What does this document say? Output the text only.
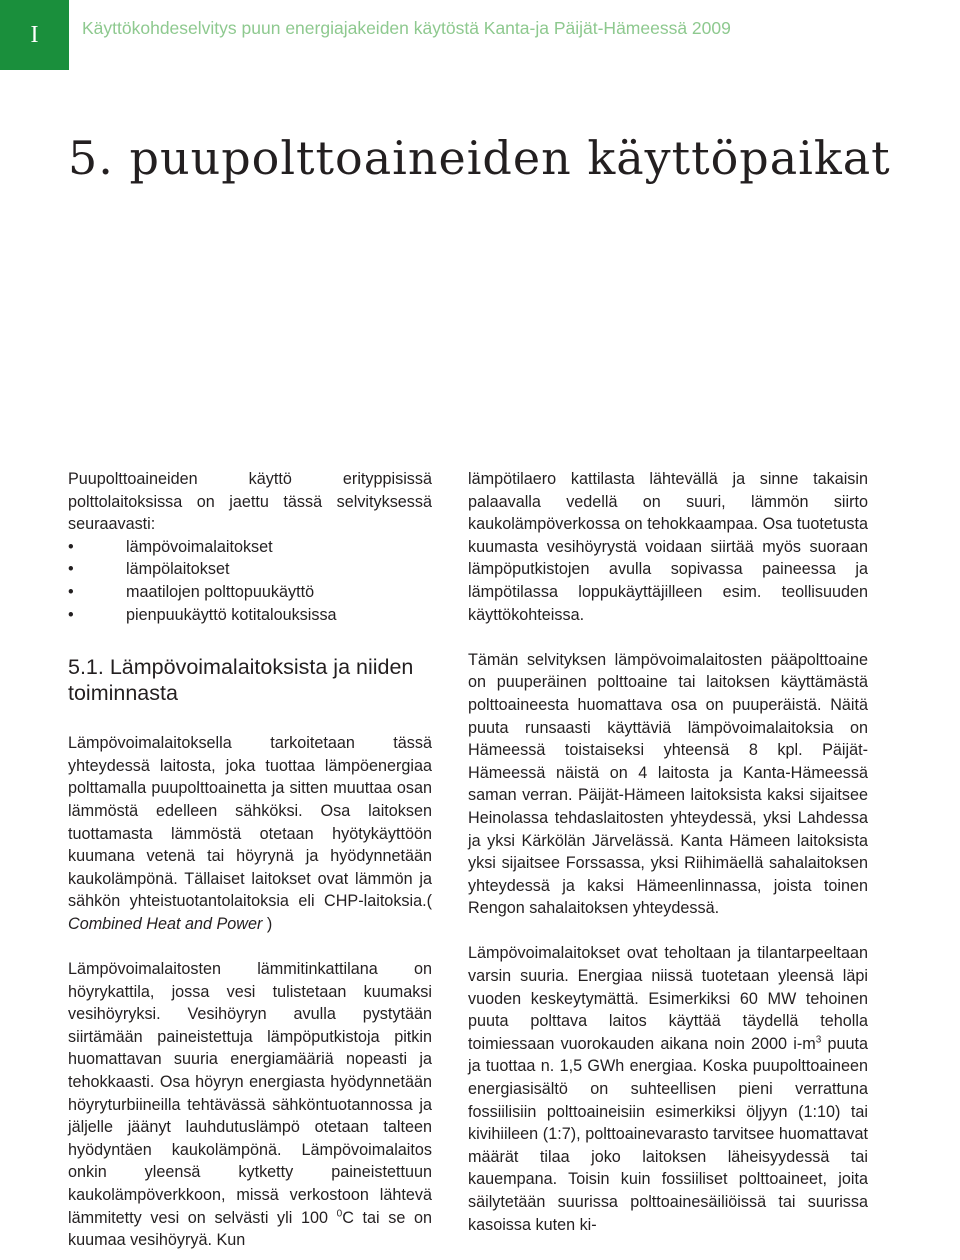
I	Käyttökohdeselvitys puun energiajakeiden käytöstä Kanta-ja Päijät-Hämeessä 2009
5. puupolttoaineiden käyttöpaikat

Puupolttoaineiden käyttö erityppisissä polttolaitoksissa on jaettu tässä selvityksessä seuraavasti:

• lämpövoimalaitokset
• lämpölaitokset
• maatilojen polttopuukäyttö
• pienpuukäyttö kotitalouksissa
5.1. Lämpövoimalaitoksista ja niiden toiminnasta

Lämpövoimalaitoksella tarkoitetaan tässä yhteydessä laitosta, joka tuottaa lämpöenergiaa polttamalla puupolttoainetta ja sitten muuttaa osan lämmöstä edelleen sähköksi. Osa laitoksen tuottamasta lämmöstä otetaan hyötykäyttöön kuumana vetenä tai höyrynä ja hyödynnetään kaukolämpönä. Tällaiset laitokset ovat lämmön ja sähkön yhteistuotantolaitoksia eli CHP-laitoksia.( Combined Heat and Power )

Lämpövoimalaitosten lämmitinkattilana on höyrykattila, jossa vesi tulistetaan kuumaksi vesihöyryksi. Vesihöyryn avulla pystytään siirtämään paineistettuja lämpöputkistoja pitkin huomattavan suuria energiamääriä nopeasti ja tehokkaasti. Osa höyryn energiasta hyödynnetään höyryturbiineilla tehtävässä sähköntuotannossa ja jäljelle jäänyt lauhdutuslämpö otetaan talteen hyödyntäen kaukolämpönä. Lämpövoimalaitos onkin yleensä kytketty paineistettuun kaukolämpöverkkoon, missä verkostoon lähtevä lämmitetty vesi on selvästi yli 100 $^0$C tai se on kuumaa vesihöyryä. Kun

lämpötilaero kattilasta lähtevällä ja sinne takaisin palaavalla vedellä on suuri, lämmön siirto kaukolämpöverkossa on tehokkaampaa. Osa tuotetusta kuumasta vesihöyrystä voidaan siirtää myös suoraan lämpöputkistojen avulla sopivassa paineessa ja lämpötilassa loppukäyttäjilleen esim. teollisuuden käyttökohteissa.

Tämän selvityksen lämpövoimalaitosten pääpolttoaine on puuperäinen polttoaine tai laitoksen käyttämästä polttoaineesta huomattava osa on puuperäistä. Näitä puuta runsaasti käyttäviä lämpövoimalaitoksia on Hämeessä toistaiseksi yhteensä 8 kpl. Päijät-Hämeessä näistä on 4 laitosta ja Kanta-Hämeessä saman verran. Päijät-Hämeen laitoksista kaksi sijaitsee Heinolassa tehdaslaitosten yhteydessä, yksi Lahdessa ja yksi Kärkölän Järvelässä. Kanta Hämeen laitoksista yksi sijaitsee Forssassa, yksi Riihimäellä sahalaitoksen yhteydessä ja kaksi Hämeenlinnassa, joista toinen Rengon sahalaitoksen yhteydessä.

Lämpövoimalaitokset ovat teholtaan ja tilantarpeeltaan varsin suuria. Energiaa niissä tuotetaan yleensä läpi vuoden keskeytymättä. Esimerkiksi 60 MW tehoinen puuta polttava laitos käyttää täydellä teholla toimiessaan vuorokauden aikana noin 2000 $i-m^3$ puuta ja tuottaa n. 1,5 GWh energiaa. Koska puupolttoaineen energiasisältö on suhteellisen pieni verrattuna fossiilisiin polttoaineisiin esimerkiksi öljyyn (1:10) tai kivihiileen (1:7), polttoainevarasto tarvitsee huomattavat määrät tilaa joko laitoksen läheisyydessä tai kauempana. Toisin kuin fossiiliset polttoaineet, joita säilytetään suurissa polttoainesäiliöissä tai suurissa kasoissa kuten ki-
